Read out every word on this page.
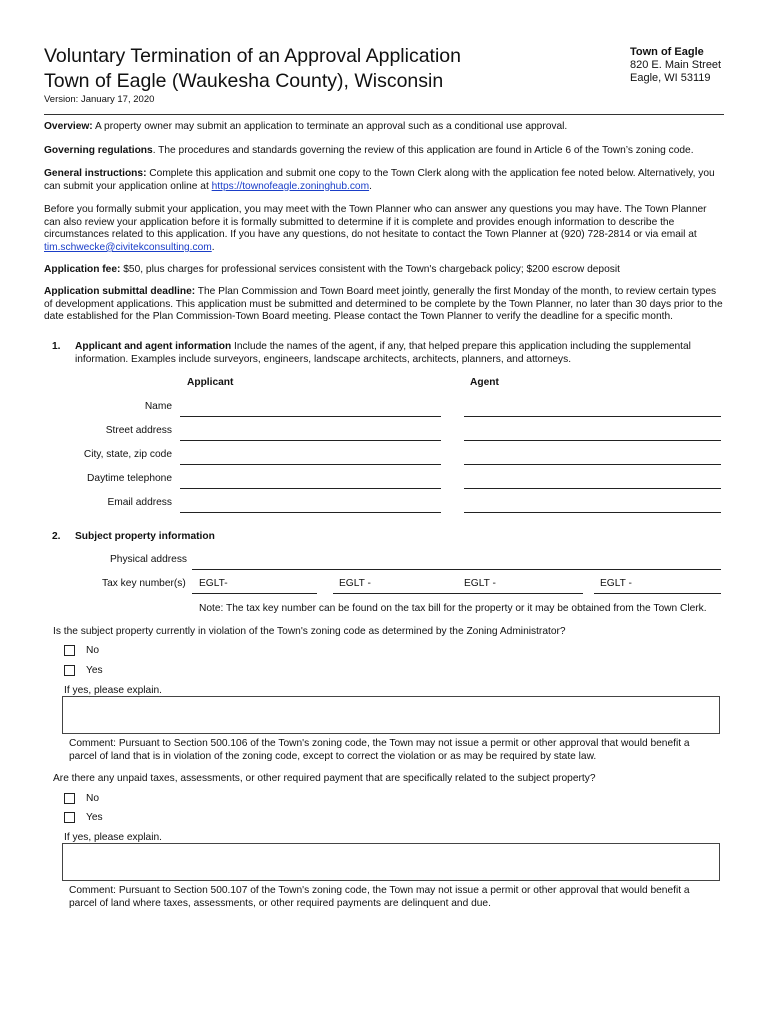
Voluntary Termination of an Approval Application
Town of Eagle (Waukesha County), Wisconsin
Town of Eagle
820 E. Main Street
Eagle, WI 53119
Version: January 17, 2020
Overview: A property owner may submit an application to terminate an approval such as a conditional use approval.
Governing regulations. The procedures and standards governing the review of this application are found in Article 6 of the Town’s zoning code.
General instructions: Complete this application and submit one copy to the Town Clerk along with the application fee noted below. Alternatively, you can submit your application online at https://townofeagle.zoninghub.com.
Before you formally submit your application, you may meet with the Town Planner who can answer any questions you may have. The Town Planner can also review your application before it is formally submitted to determine if it is complete and provides enough information to describe the circumstances related to this application. If you have any questions, do not hesitate to contact the Town Planner at (920) 728-2814 or via email at tim.schwecke@civitekconsulting.com.
Application fee: $50, plus charges for professional services consistent with the Town's chargeback policy; $200 escrow deposit
Application submittal deadline: The Plan Commission and Town Board meet jointly, generally the first Monday of the month, to review certain types of development applications. This application must be submitted and determined to be complete by the Town Planner, no later than 30 days prior to the date established for the Plan Commission-Town Board meeting. Please contact the Town Planner to verify the deadline for a specific month.
1. Applicant and agent information Include the names of the agent, if any, that helped prepare this application including the supplemental information. Examples include surveyors, engineers, landscape architects, architects, planners, and attorneys.
Applicant	Agent
Name
Street address
City, state, zip code
Daytime telephone
Email address
2. Subject property information
Physical address
Tax key number(s) EGLT-	EGLT -	EGLT -	EGLT -
Note: The tax key number can be found on the tax bill for the property or it may be obtained from the Town Clerk.
Is the subject property currently in violation of the Town's zoning code as determined by the Zoning Administrator?
No
Yes
If yes, please explain.
Comment: Pursuant to Section 500.106 of the Town's zoning code, the Town may not issue a permit or other approval that would benefit a parcel of land that is in violation of the zoning code, except to correct the violation or as may be required by state law.
Are there any unpaid taxes, assessments, or other required payment that are specifically related to the subject property?
No
Yes
If yes, please explain.
Comment: Pursuant to Section 500.107 of the Town's zoning code, the Town may not issue a permit or other approval that would benefit a parcel of land where taxes, assessments, or other required payments are delinquent and due.
